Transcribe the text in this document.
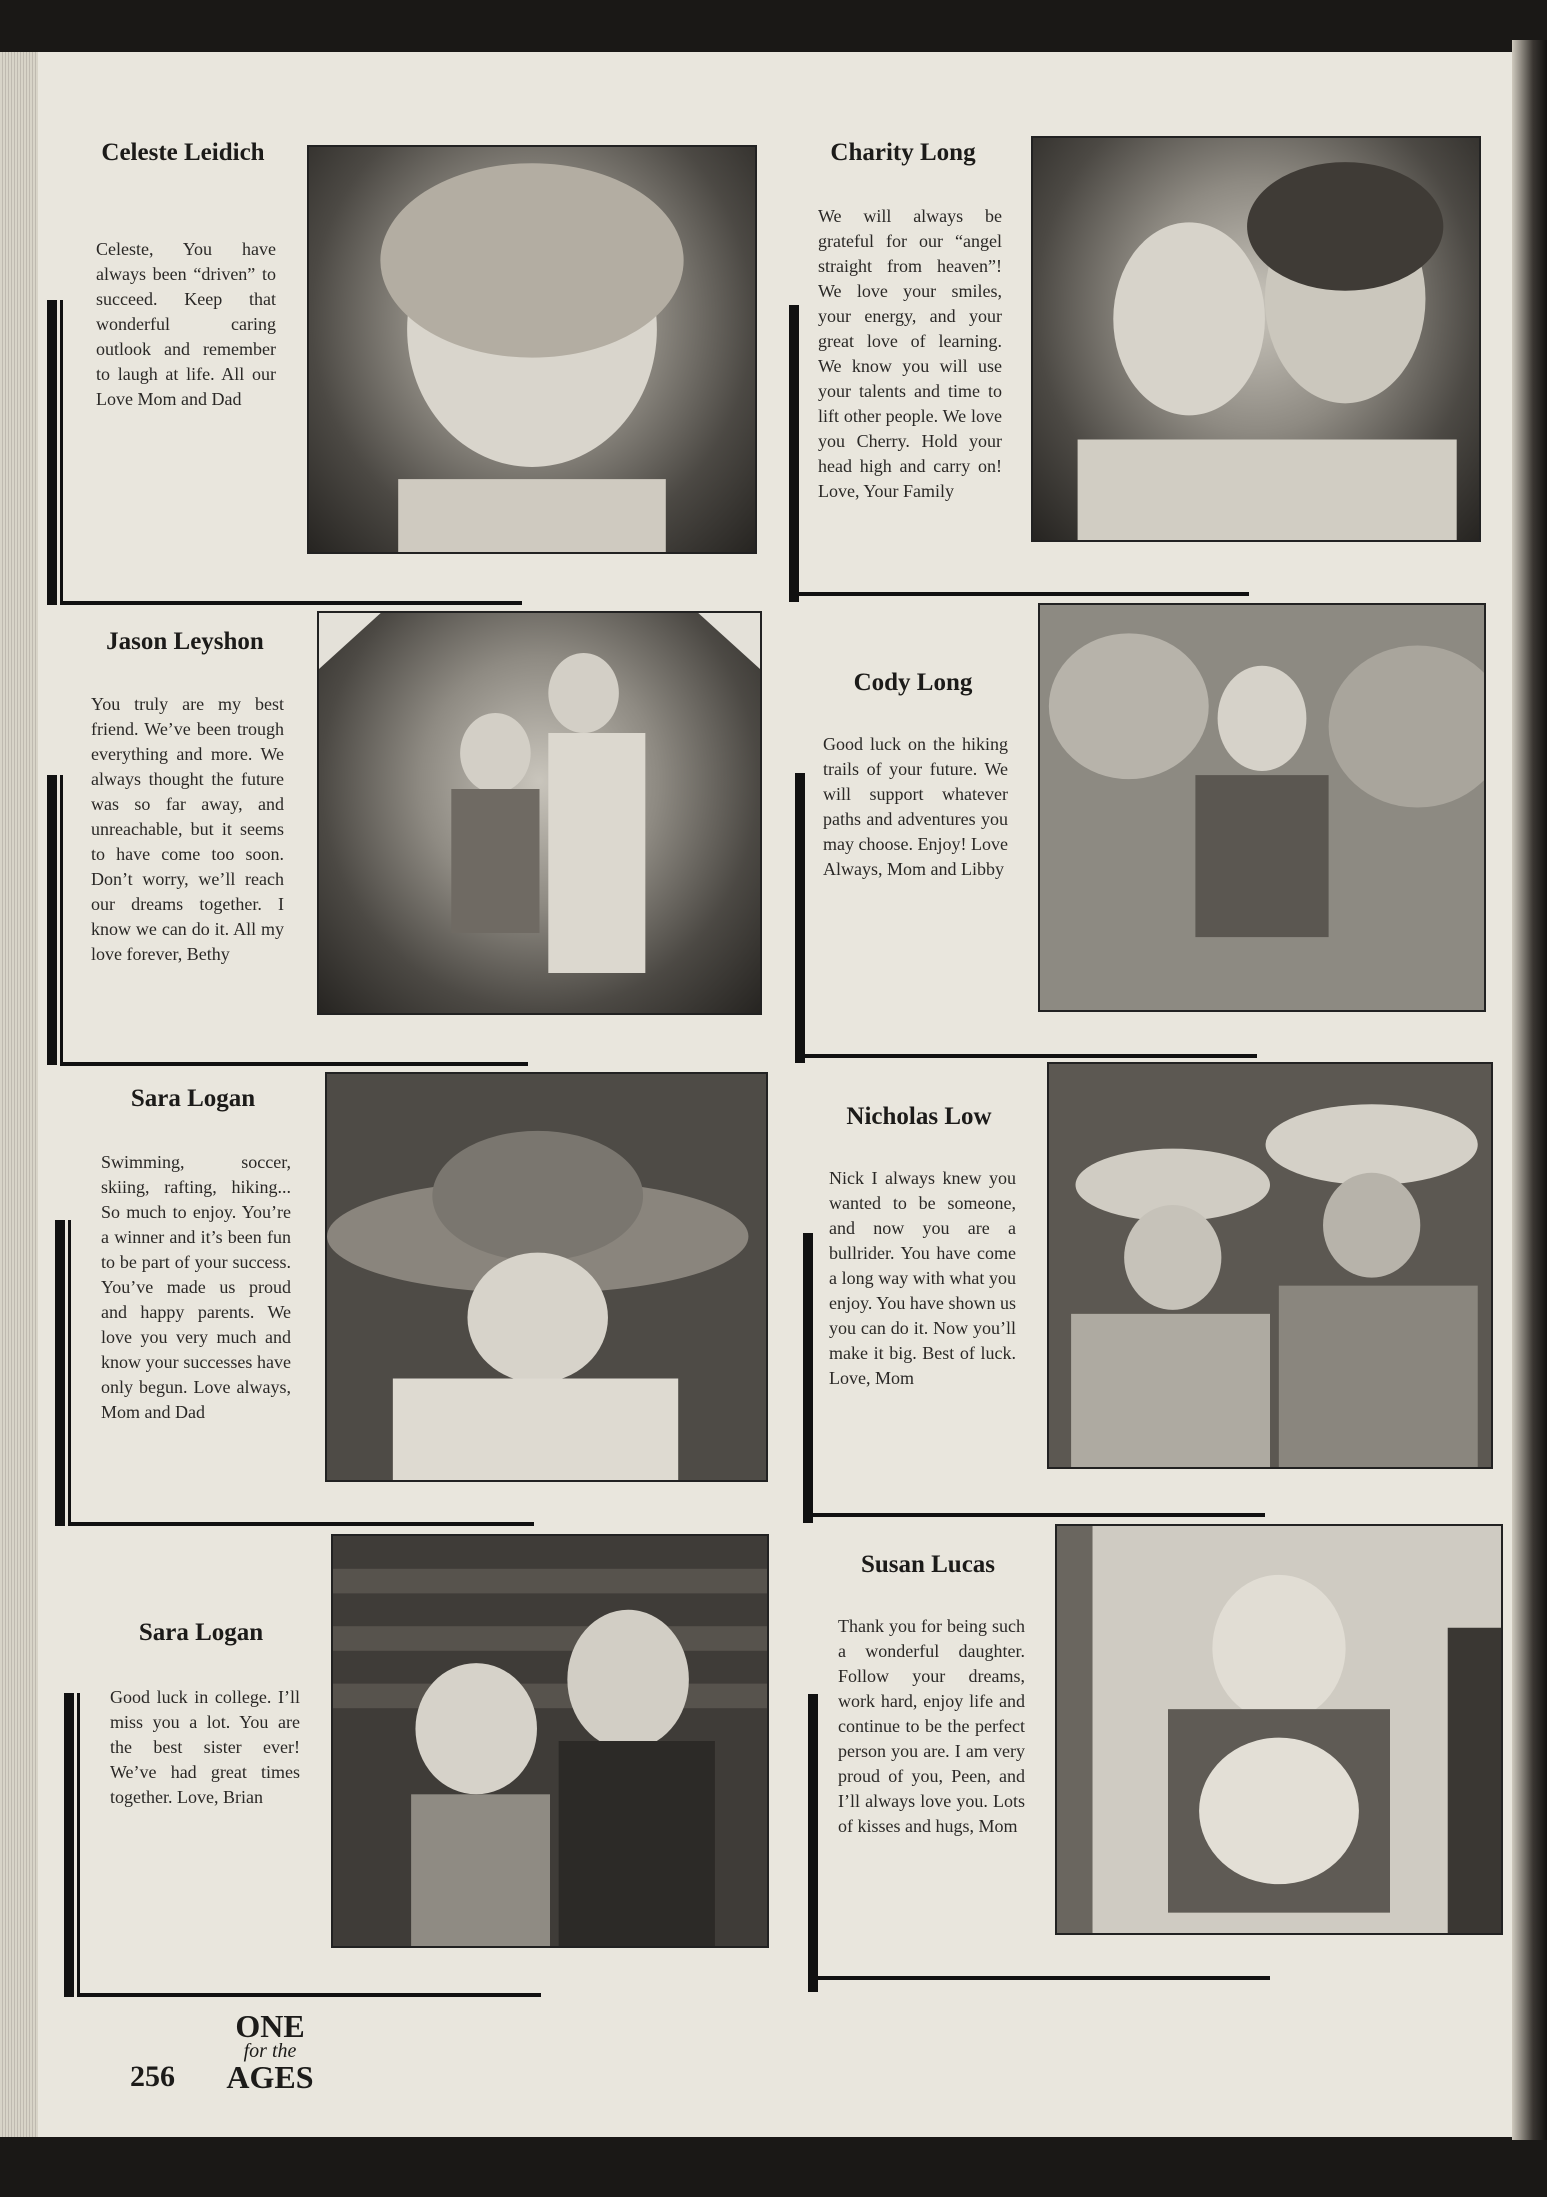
Celeste Leidich
Celeste, You have always been “driven” to succeed. Keep that wonderful caring outlook and remember to laugh at life. All our Love Mom and Dad
Charity Long
We will always be grateful for our “angel straight from heaven”! We love your smiles, your energy, and your great love of learning. We know you will use your talents and time to lift other people. We love you Cherry. Hold your head high and carry on! Love, Your Family
Jason Leyshon
You truly are my best friend. We’ve been trough everything and more. We always thought the future was so far away, and unreachable, but it seems to have come too soon. Don’t worry, we’ll reach our dreams together. I know we can do it. All my love forever, Bethy
Cody Long
Good luck on the hiking trails of your future. We will support whatever paths and adventures you may choose. Enjoy! Love Always, Mom and Libby
Sara Logan
Swimming, soccer, skiing, rafting, hiking... So much to enjoy. You’re a winner and it’s been fun to be part of your success. You’ve made us proud and happy parents. We love you very much and know your successes have only begun. Love always, Mom and Dad
Nicholas Low
Nick I always knew you wanted to be someone, and now you are a bullrider. You have come a long way with what you enjoy. You have shown us you can do it. Now you’ll make it big. Best of luck. Love, Mom
Sara Logan
Good luck in college. I’ll miss you a lot. You are the best sister ever! We’ve had great times together. Love, Brian
Susan Lucas
Thank you for being such a wonderful daughter. Follow your dreams, work hard, enjoy life and continue to be the perfect person you are. I am very proud of you, Peen, and I’ll always love you. Lots of kisses and hugs, Mom
256
ONE
for the
AGES
